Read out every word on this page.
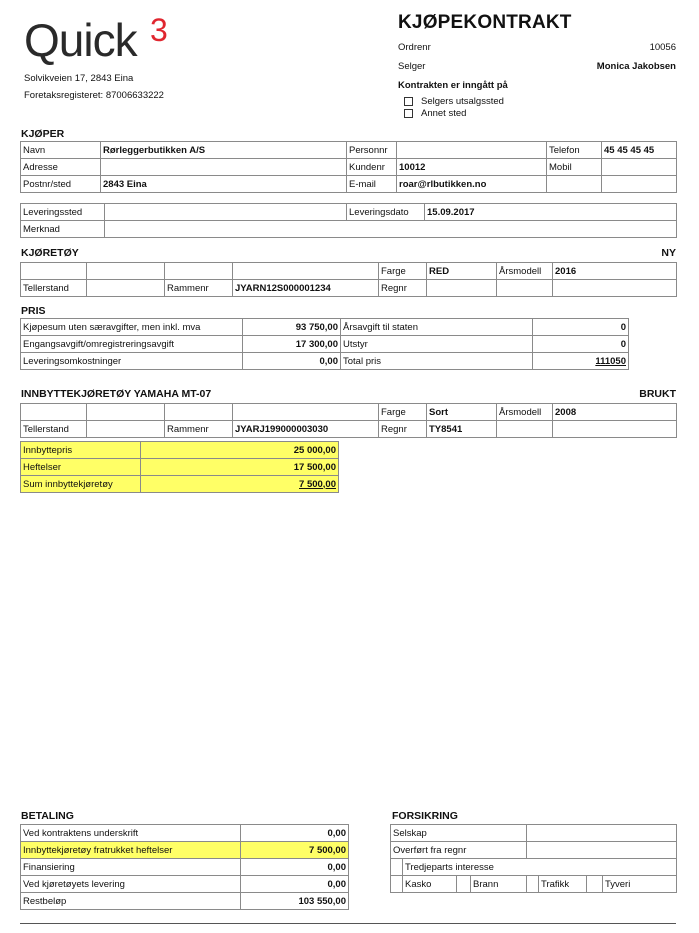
Quick 3
Solvikveien 17, 2843 Eina
Foretaksregisteret: 87006633222
KJØPEKONTRAKT
Ordrenr	10056
Selger	Monica Jakobsen
Kontrakten er inngått på
Selgers utsalgssted
Annet sted
KJØPER
Navn	Rørleggerbutikken A/S	Personnr		Telefon	45 45 45 45
Adresse		Kundenr	10012	Mobil	
Postnr/sted	2843 Eina	E-mail	roar@rlbutikken.no		
Leveringssted		Leveringsdato	15.09.2017
Merknad			
KJØRETØY	NY
				Farge	RED	Årsmodell	2016
Tellerstand		Rammenr	JYARN12S000001234	Regnr			
PRIS
Kjøpesum uten særavgifter, men inkl. mva	93 750,00	Årsavgift til staten	0
Engangsavgift/omregistreringsavgift	17 300,00	Utstyr	0
Leveringsomkostninger	0,00	Total pris	111050
INNBYTTEKJØRETØY YAMAHA MT-07	BRUKT
				Farge	Sort	Årsmodell	2008
Tellerstand		Rammenr	JYARJ199000003030	Regnr	TY8541		
Innbyttepris	25 000,00
Heftelser	17 500,00
Sum innbyttekjøretøy	7 500,00
BETALING
Ved kontraktens underskrift	0,00
Innbyttekjøretøy fratrukket heftelser	7 500,00
Finansiering	0,00
Ved kjøretøyets levering	0,00
Restbeløp	103 550,00
FORSIKRING
Selskap							
Overført fra regnr							
	Tredjeparts interesse						
	Kasko		Brann		Trafikk		Tyveri
